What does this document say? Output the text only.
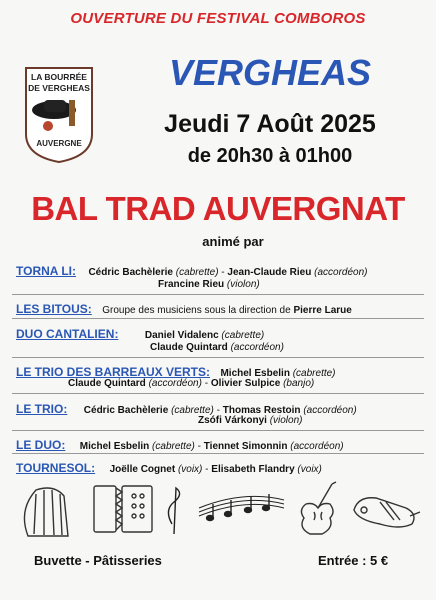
OUVERTURE DU FESTIVAL COMBOROS
LA BOURRÉE
DE VERGHEAS
AUVERGNE
VERGHEAS
Jeudi 7 Août 2025
de 20h30 à 01h00
BAL TRAD AUVERGNAT
animé par
TORNA LI: Cédric Bachèlerie (cabrette) - Jean-Claude Rieu (accordéon)
Francine Rieu (violon)
LES BITOUS: Groupe des musiciens sous la direction de Pierre Larue
DUO CANTALIEN:	Daniel Vidalenc (cabrette)
Claude Quintard (accordéon)
LE TRIO DES BARREAUX VERTS: Michel Esbelin (cabrette)
Claude Quintard (accordéon) - Olivier Sulpice (banjo)
LE TRIO: Cédric Bachèlerie (cabrette) - Thomas Restoin (accordéon)
Zsófi Várkonyi (violon)
LE DUO: Michel Esbelin (cabrette) - Tiennet Simonnin (accordéon)
TOURNESOL: Joëlle Cognet (voix) - Elisabeth Flandry (voix)
Buvette - Pâtisseries	Entrée : 5 €
